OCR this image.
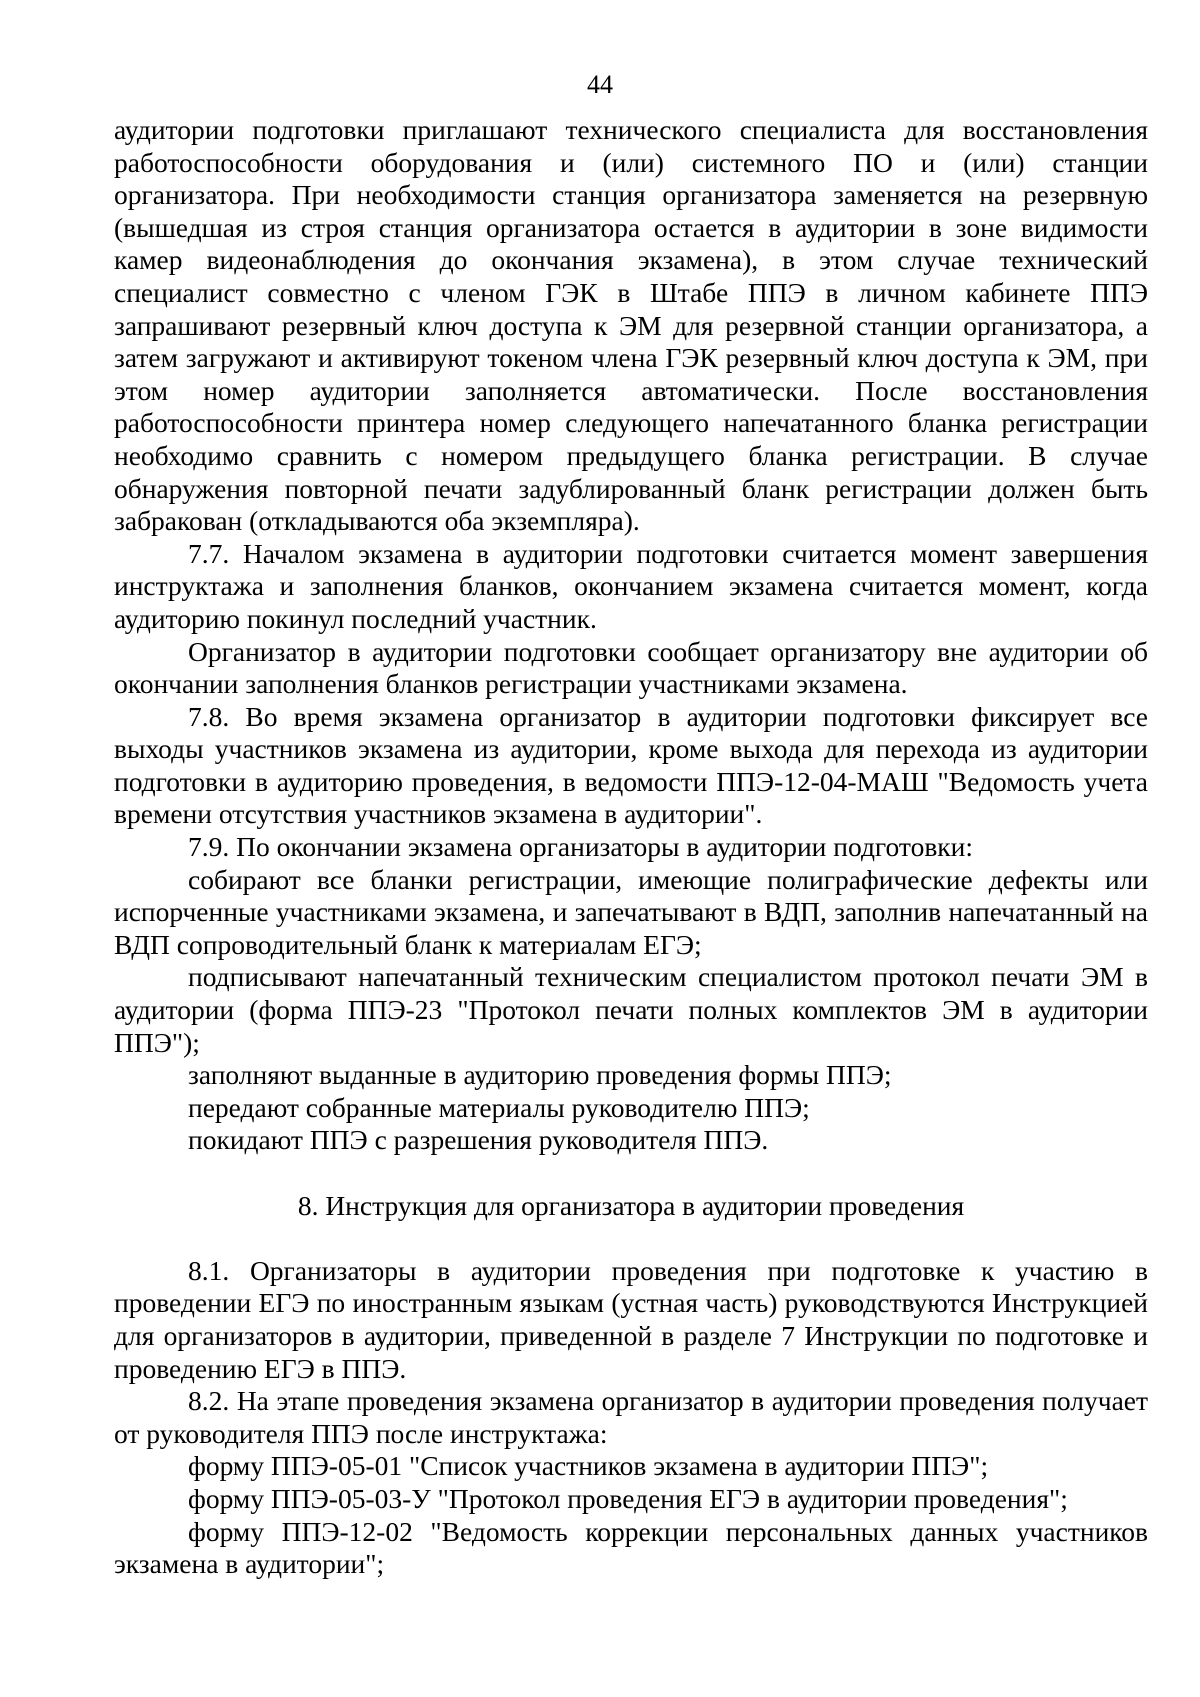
44

аудитории подготовки приглашают технического специалиста для восстановления работоспособности оборудования и (или) системного ПО и (или) станции организатора. При необходимости станция организатора заменяется на резервную (вышедшая из строя станция организатора остается в аудитории в зоне видимости камер видеонаблюдения до окончания экзамена), в этом случае технический специалист совместно с членом ГЭК в Штабе ППЭ в личном кабинете ППЭ запрашивают резервный ключ доступа к ЭМ для резервной станции организатора, а затем загружают и активируют токеном члена ГЭК резервный ключ доступа к ЭМ, при этом номер аудитории заполняется автоматически. После восстановления работоспособности принтера номер следующего напечатанного бланка регистрации необходимо сравнить с номером предыдущего бланка регистрации. В случае обнаружения повторной печати задублированный бланк регистрации должен быть забракован (откладываются оба экземпляра).

7.7. Началом экзамена в аудитории подготовки считается момент завершения инструктажа и заполнения бланков, окончанием экзамена считается момент, когда аудиторию покинул последний участник.

Организатор в аудитории подготовки сообщает организатору вне аудитории об окончании заполнения бланков регистрации участниками экзамена.

7.8. Во время экзамена организатор в аудитории подготовки фиксирует все выходы участников экзамена из аудитории, кроме выхода для перехода из аудитории подготовки в аудиторию проведения, в ведомости ППЭ-12-04-МАШ "Ведомость учета времени отсутствия участников экзамена в аудитории".

7.9. По окончании экзамена организаторы в аудитории подготовки:

собирают все бланки регистрации, имеющие полиграфические дефекты или испорченные участниками экзамена, и запечатывают в ВДП, заполнив напечатанный на ВДП сопроводительный бланк к материалам ЕГЭ;

подписывают напечатанный техническим специалистом протокол печати ЭМ в аудитории (форма ППЭ-23 "Протокол печати полных комплектов ЭМ в аудитории ППЭ");

заполняют выданные в аудиторию проведения формы ППЭ;

передают собранные материалы руководителю ППЭ;

покидают ППЭ с разрешения руководителя ППЭ.

8. Инструкция для организатора в аудитории проведения

8.1. Организаторы в аудитории проведения при подготовке к участию в проведении ЕГЭ по иностранным языкам (устная часть) руководствуются Инструкцией для организаторов в аудитории, приведенной в разделе 7 Инструкции по подготовке и проведению ЕГЭ в ППЭ.

8.2. На этапе проведения экзамена организатор в аудитории проведения получает от руководителя ППЭ после инструктажа:

форму ППЭ-05-01 "Список участников экзамена в аудитории ППЭ";

форму ППЭ-05-03-У "Протокол проведения ЕГЭ в аудитории проведения";

форму ППЭ-12-02 "Ведомость коррекции персональных данных участников экзамена в аудитории";
